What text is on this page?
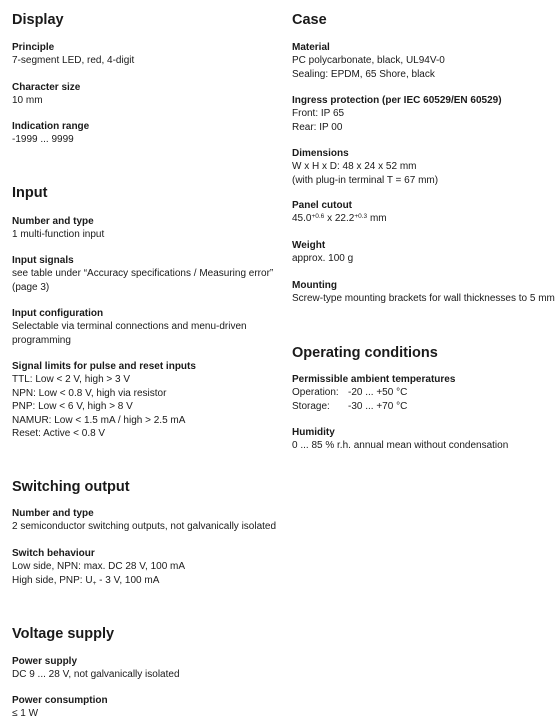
Display
Principle
7-segment LED, red, 4-digit
Character size
10 mm
Indication range
-1999 ... 9999
Input
Number and type
1 multi-function input
Input signals
see table under “Accuracy specifications / Measuring error”
(page 3)
Input configuration
Selectable via terminal connections and menu-driven
programming
Signal limits for pulse and reset inputs
TTL: Low < 2 V, high > 3 V
NPN: Low < 0.8 V, high via resistor
PNP: Low < 6 V, high > 8 V
NAMUR: Low < 1.5 mA / high > 2.5 mA
Reset: Active < 0.8 V
Switching output
Number and type
2 semiconductor switching outputs, not galvanically isolated
Switch behaviour
Low side, NPN: max. DC 28 V, 100 mA
High side, PNP: $U_+ - 3$ V, 100 mA
Voltage supply
Power supply
DC 9 ... 28 V, not galvanically isolated
Power consumption
≤ 1 W
Case
Material
PC polycarbonate, black, UL94V-0
Sealing: EPDM, 65 Shore, black
Ingress protection (per IEC 60529/EN 60529)
Front: IP 65
Rear: IP 00
Dimensions
W x H x D: 48 x 24 x 52 mm
(with plug-in terminal T = 67 mm)
Panel cutout
$45.0^{+0.6}$ x $22.2^{+0.3}$ mm
Weight
approx. 100 g
Mounting
Screw-type mounting brackets for wall thicknesses to 5 mm
Operating conditions
Permissible ambient temperatures
Operation: -20 ... +50 °C
Storage: -30 ... +70 °C
Humidity
0 ... 85 % r.h. annual mean without condensation
